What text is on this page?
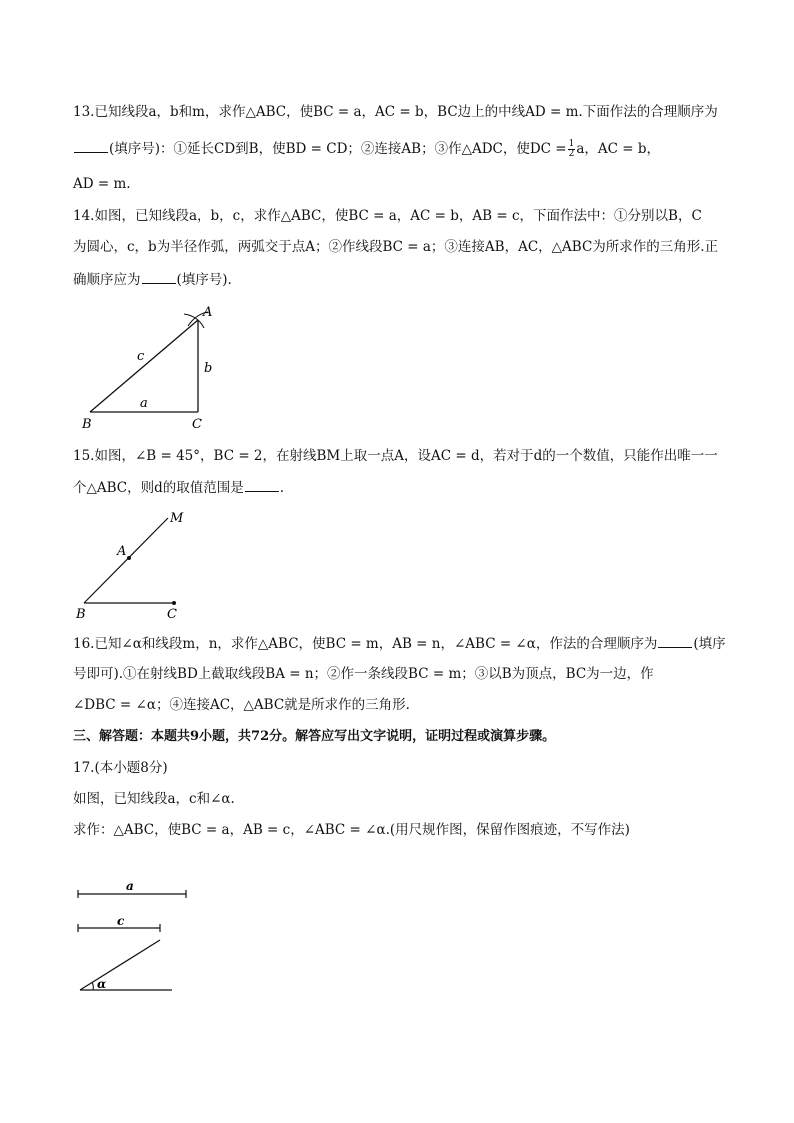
13.已知线段a，b和m，求作△ABC，使BC = a，AC = b，BC边上的中线AD = m.下面作法的合理顺序为
(填序号)：①延长CD到B，使BD = CD；②连接AB；③作△ADC，使DC = $\frac{1}{2}$ a，AC = b，
AD = m.
14.如图，已知线段a，b，c，求作△ABC，使BC = a，AC = b，AB = c，下面作法中：①分别以B，C
为圆心，c，b为半径作弧，两弧交于点A；②作线段BC = a；③连接AB，AC，△ABC为所求作的三角形.正
确顺序应为	(填序号).
A
B	C
a
b
c
15.如图，∠B = 45°，BC = 2，在射线BM上取一点A，设AC = d，若对于d的一个数值，只能作出唯一一
个△ABC，则d的取值范围是	.
M
A
B	C
16.已知∠α和线段m，n，求作△ABC，使BC = m，AB = n，∠ABC = ∠α，作法的合理顺序为	(填序
号即可).①在射线BD上截取线段BA = n；②作一条线段BC = m；③以B为顶点，BC为一边，作
∠DBC = ∠α；④连接AC，△ABC就是所求作的三角形.
三、解答题：本题共9小题，共72分。解答应写出文字说明，证明过程或演算步骤。
17.(本小题8分)
如图，已知线段a，c和∠α.
求作：△ABC，使BC = a，AB = c，∠ABC = ∠α.(用尺规作图，保留作图痕迹，不写作法)
a
c
α
